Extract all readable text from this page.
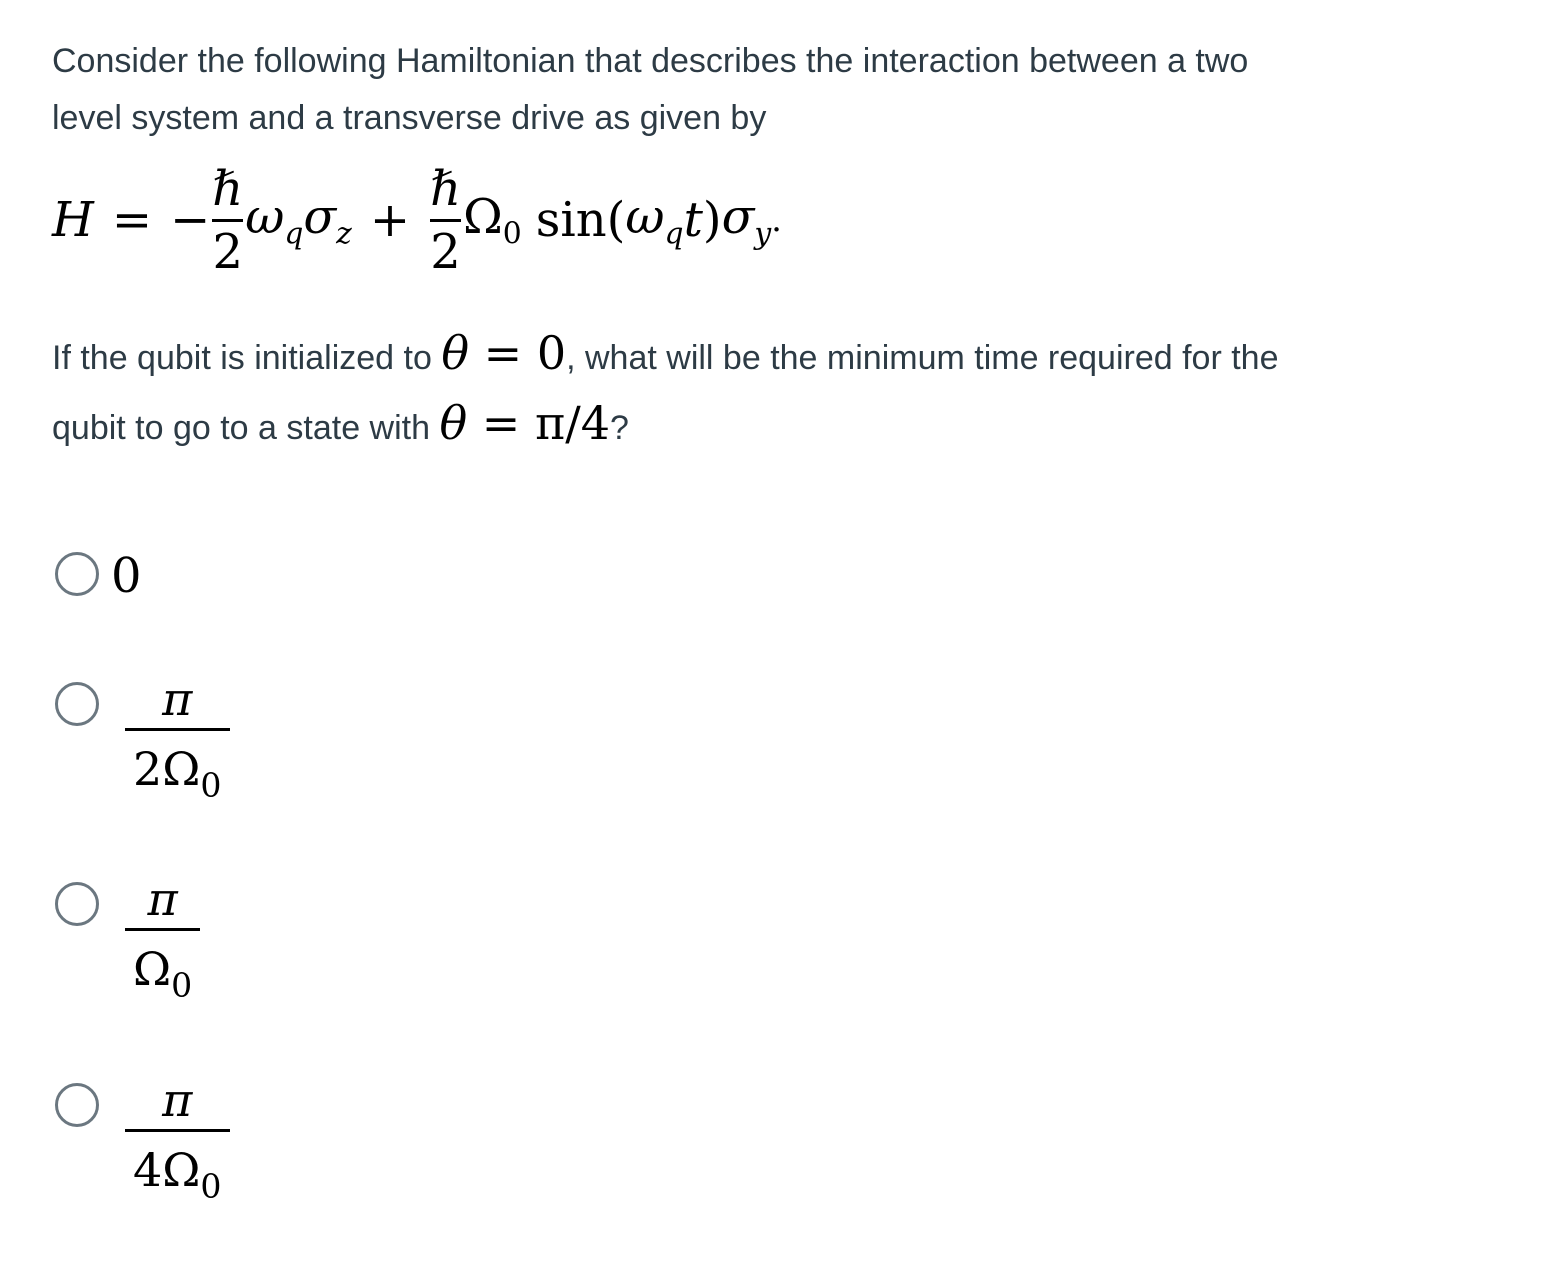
Consider the following Hamiltonian that describes the interaction between a two
level system and a transverse drive as given by
H = − $\frac{\text{ℏ}}{2} \omega_q$ $\sigma_z + \frac{\text{ℏ}}{2} \Omega_0$ sin ( $\omega_q$ t ) $\sigma_y$ .
If the qubit is initialized to θ = 0, what will be the minimum time required for the
qubit to go to a state with θ = π/4?
0
$\frac{\pi}{2\Omega_0}$
$\frac{\pi}{\Omega_0}$
$\frac{\pi}{4\Omega_0}$
